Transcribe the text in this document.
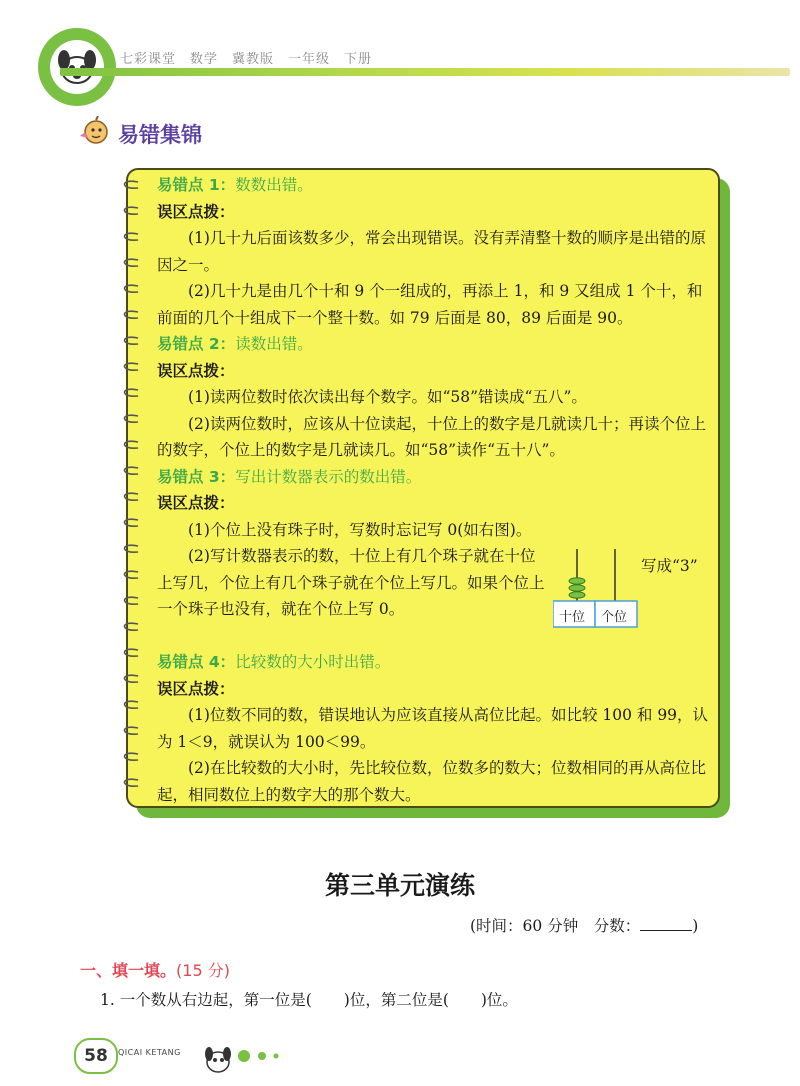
七彩课堂　数学　冀教版　一年级　下册
易错集锦

易错点 1：数数出错。

误区点拨：

(1)几十九后面该数多少，常会出现错误。没有弄清整十数的顺序是出错的原因之一。

(2)几十九是由几个十和 9 个一组成的，再添上 1，和 9 又组成 1 个十，和前面的几个十组成下一个整十数。如 79 后面是 80，89 后面是 90。

易错点 2：读数出错。

误区点拨：

(1)读两位数时依次读出每个数字。如“58”错读成“五八”。

(2)读两位数时，应该从十位读起，十位上的数字是几就读几十；再读个位上的数字，个位上的数字是几就读几。如“58”读作“五十八”。

易错点 3：写出计数器表示的数出错。

误区点拨：

(1)个位上没有珠子时，写数时忘记写 0(如右图)。

(2)写计数器表示的数，十位上有几个珠子就在十位上写几，个位上有几个珠子就在个位上写几。如果个位上一个珠子也没有，就在个位上写 0。	十位 个位
写成“3”

易错点 4：比较数的大小时出错。

误区点拨：

(1)位数不同的数，错误地认为应该直接从高位比起。如比较 100 和 99，认为 1＜9，就误认为 100＜99。

(2)在比较数的大小时，先比较位数，位数多的数大；位数相同的再从高位比起，相同数位上的数字大的那个数大。

第三单元演练
(时间：60 分钟　分数：	)
一、填一填。(15 分)
1. 一个数从右边起，第一位是( )位，第二位是( )位。
58	QICAI KETANG
